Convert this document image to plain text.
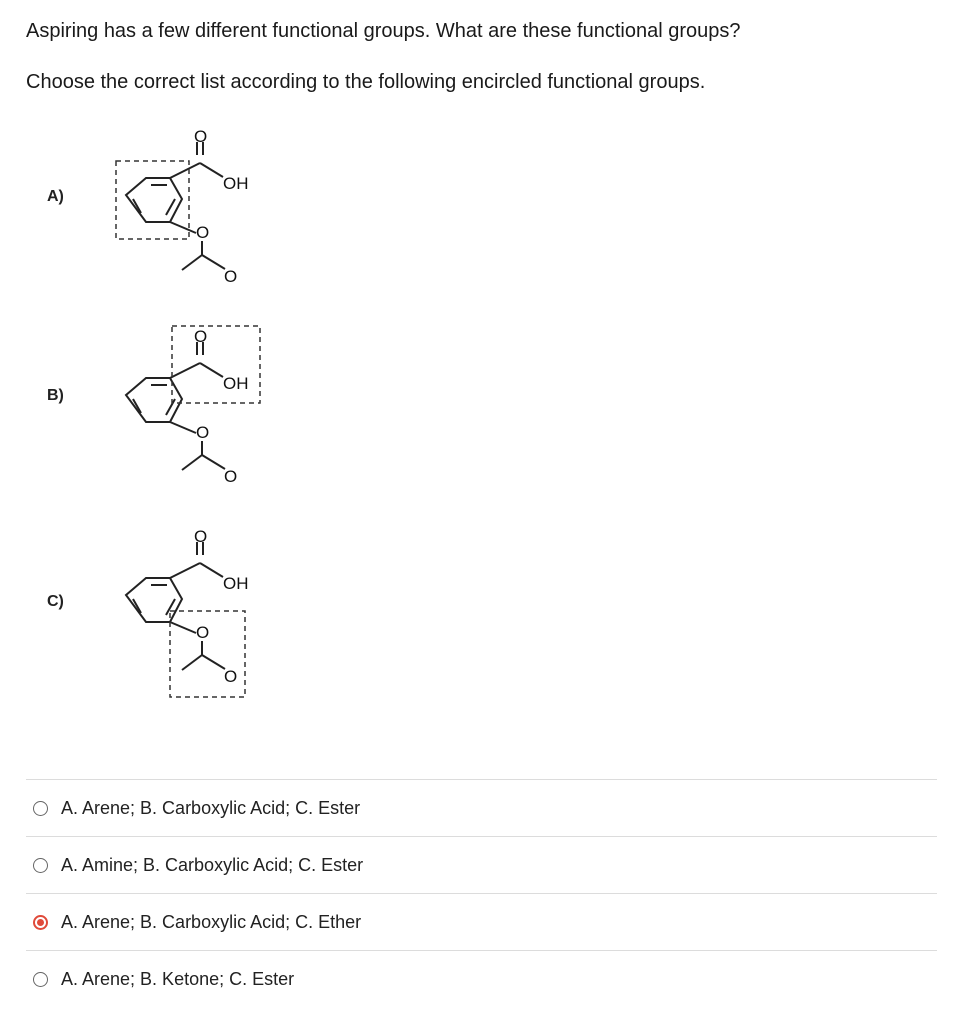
Aspiring has a few different functional groups. What are these functional groups?

Choose the correct list according to the following encircled functional groups.

A)
B)
C)
O
OH
O
O
O
OH
O
O
O
OH
O
O
A. Arene; B. Carboxylic Acid; C. Ester
A. Amine; B. Carboxylic Acid; C. Ester
A. Arene; B. Carboxylic Acid; C. Ether
A. Arene; B. Ketone; C. Ester
